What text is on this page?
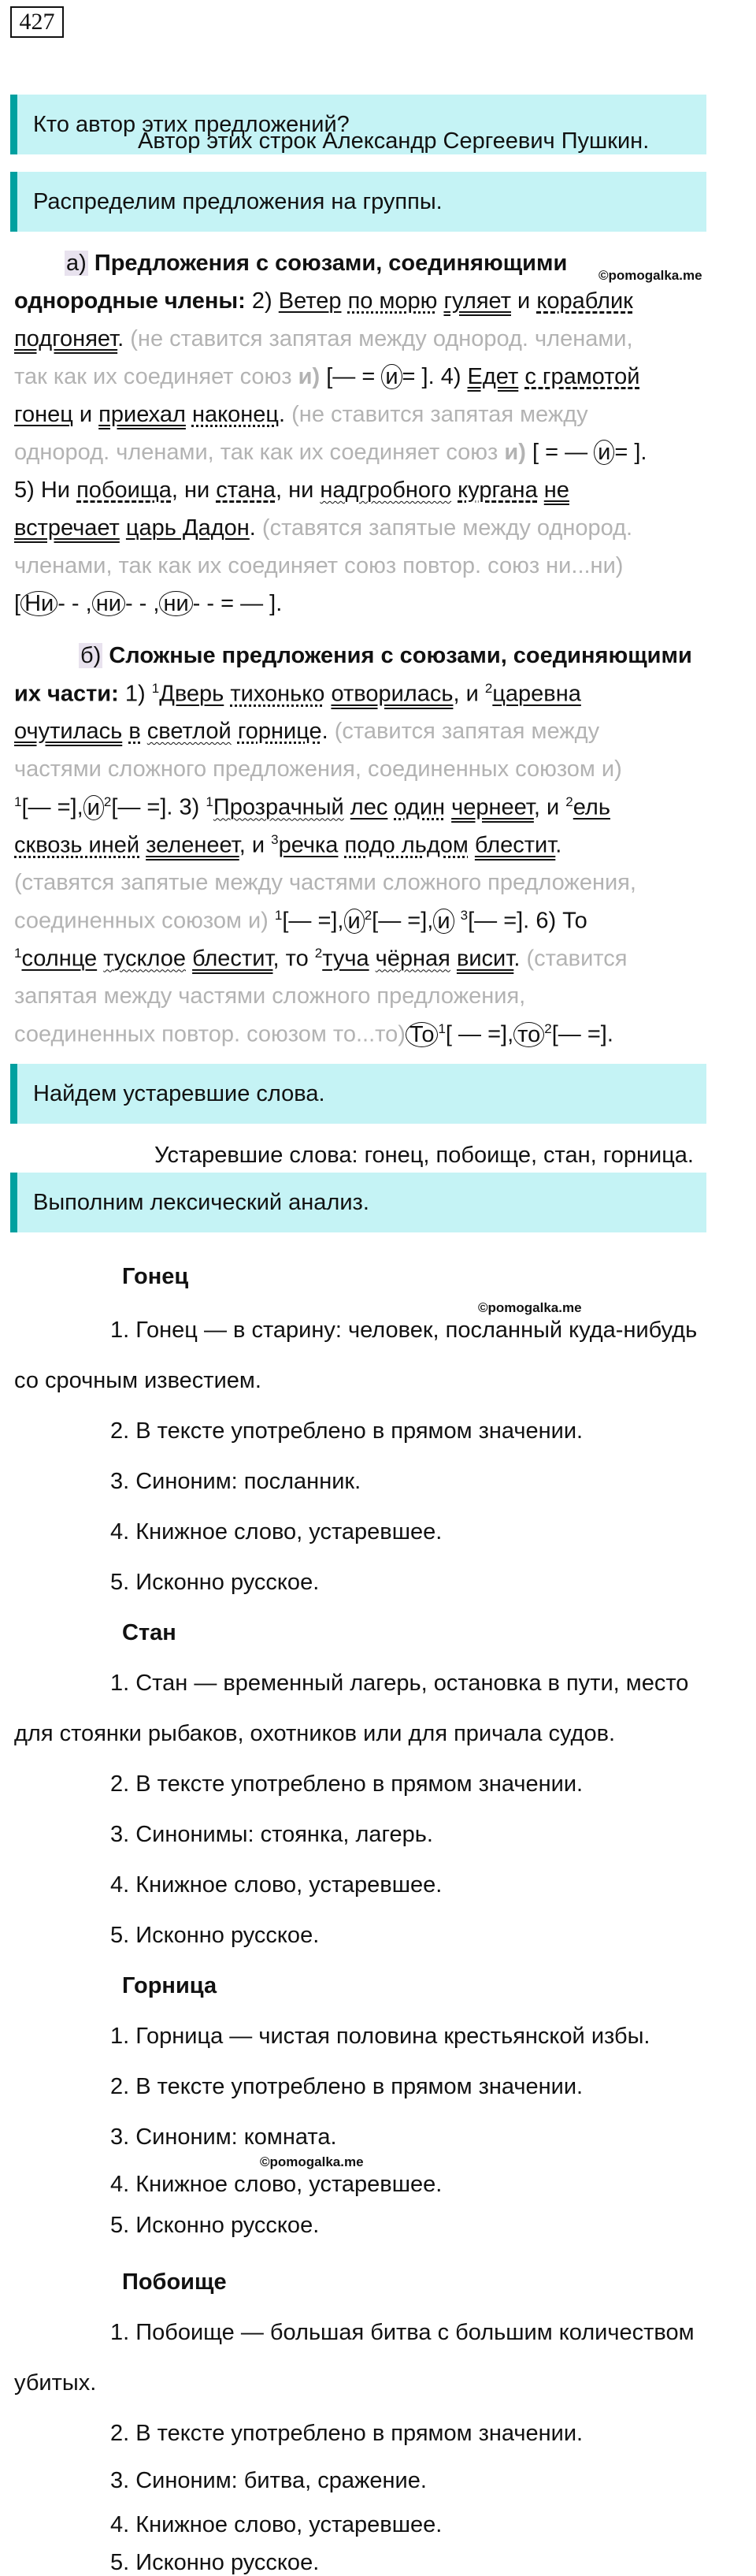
427
Кто автор этих предложений?
Автор этих строк Александр Сергеевич Пушкин.
Распределим предложения на группы.
а) Предложения с союзами, соединяющими ©pomogalka.me
однородные члены: 2) Ветер по морю гуляет и кораблик
подгоняет. (не ставится запятая между однород. членами,
так как их соединяет союз и) [— = и = ]. 4) Едет с грамотой
гонец и приехал наконец. (не ставится запятая между
однород. членами, так как их соединяет союз и) [ = — и = ].
5) Ни побоища, ни стана, ни надгробного кургана не
встречает царь Дадон. (ставятся запятые между однород.
членами, так как их соединяет союз повтор. союз ни...ни)
[ Ни - - , ни - - , ни - - = — ].
б) Сложные предложения с союзами, соединяющими
их части: 1) $^1$Дверь тихонько отворилась, и $^2$царевна
очутилась в светлой горнице. (ставится запятая между
частями сложного предложения, соединенных союзом и)
$^1$[— =], и $^2$[— =]. 3) $^1$Прозрачный лес один чернеет, и $^2$ель
сквозь иней зеленеет, и $^3$речка подо льдом блестит.
(ставятся запятые между частями сложного предложения,
соединенных союзом и) $^1$[— =], и $^2$[— =], и $^3$[— =]. 6) То
$^1$солнце тусклое блестит, то $^2$туча чёрная висит. (ставится
запятая между частями сложного предложения,
соединенных повтор. союзом то...то) То $^1$[ — =], то $^2$[— =].
Найдем устаревшие слова.
Устаревшие слова: гонец, побоище, стан, горница.
Выполним лексический анализ.
Гонец
©pomogalka.me
1. Гонец — в старину: человек, посланный куда-нибудь
со срочным известием.
2. В тексте употреблено в прямом значении.
3. Синоним: посланник.
4. Книжное слово, устаревшее.
5. Исконно русское.
Стан
1. Стан — временный лагерь, остановка в пути, место
для стоянки рыбаков, охотников или для причала судов.
2. В тексте употреблено в прямом значении.
3. Синонимы: стоянка, лагерь.
4. Книжное слово, устаревшее.
5. Исконно русское.
Горница
1. Горница — чистая половина крестьянской избы.
2. В тексте употреблено в прямом значении.
3. Синоним: комната.
©pomogalka.me
4. Книжное слово, устаревшее.
5. Исконно русское.
Побоище
1. Побоище — большая битва с большим количеством
убитых.
2. В тексте употреблено в прямом значении.
3. Синоним: битва, сражение.
4. Книжное слово, устаревшее.
5. Исконно русское.
